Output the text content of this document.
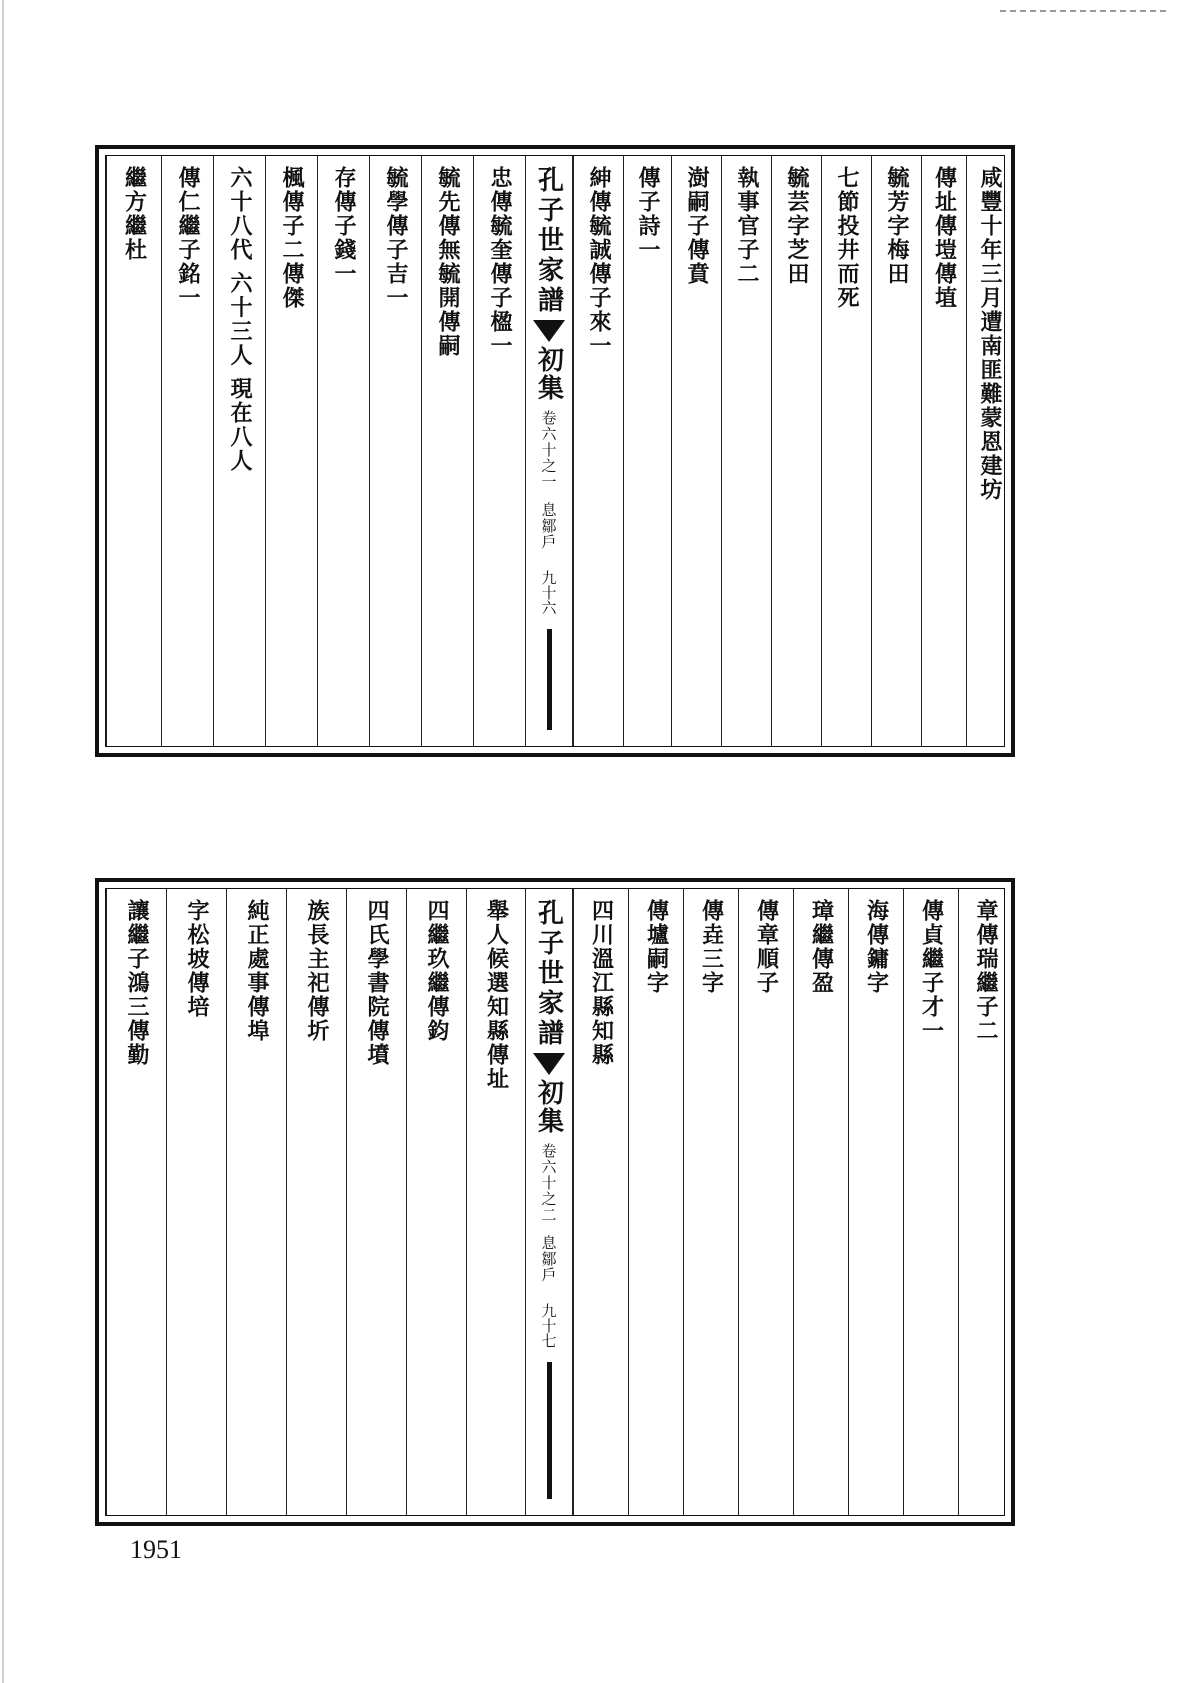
繼方繼杜 傳仁繼子銘一 六十八代 六十三人 現在八人 楓傳子二傳傑 存傳子錢一 毓學傳子吉一 毓先傳無毓開傳嗣 忠傳毓奎傳子楹一 孔子世家譜
初集
卷六十之一
息鄒戶
九十六
紳傳毓誠傳子來一 傳子詩一 澍嗣子傳賁 執事官子二 毓芸字芝田 七節投井而死 毓芳字梅田 傳址傳塏傳埴 咸豐十年三月遭南匪難蒙恩建坊
讓繼子鴻三傳勤 字松坡傳培 純正處事傳埠 族長主祀傳圻 四氏學書院傳墳 四繼玖繼傳鈞 舉人候選知縣傳址 孔子世家譜
初集
卷六十之二
息鄒戶
九十七
四川溫江縣知縣 傳壚嗣字 傳垚三字 傳章順子 璋繼傳盈 海傳鏞字 傳貞繼子才一 章傳瑞繼子二
1951
